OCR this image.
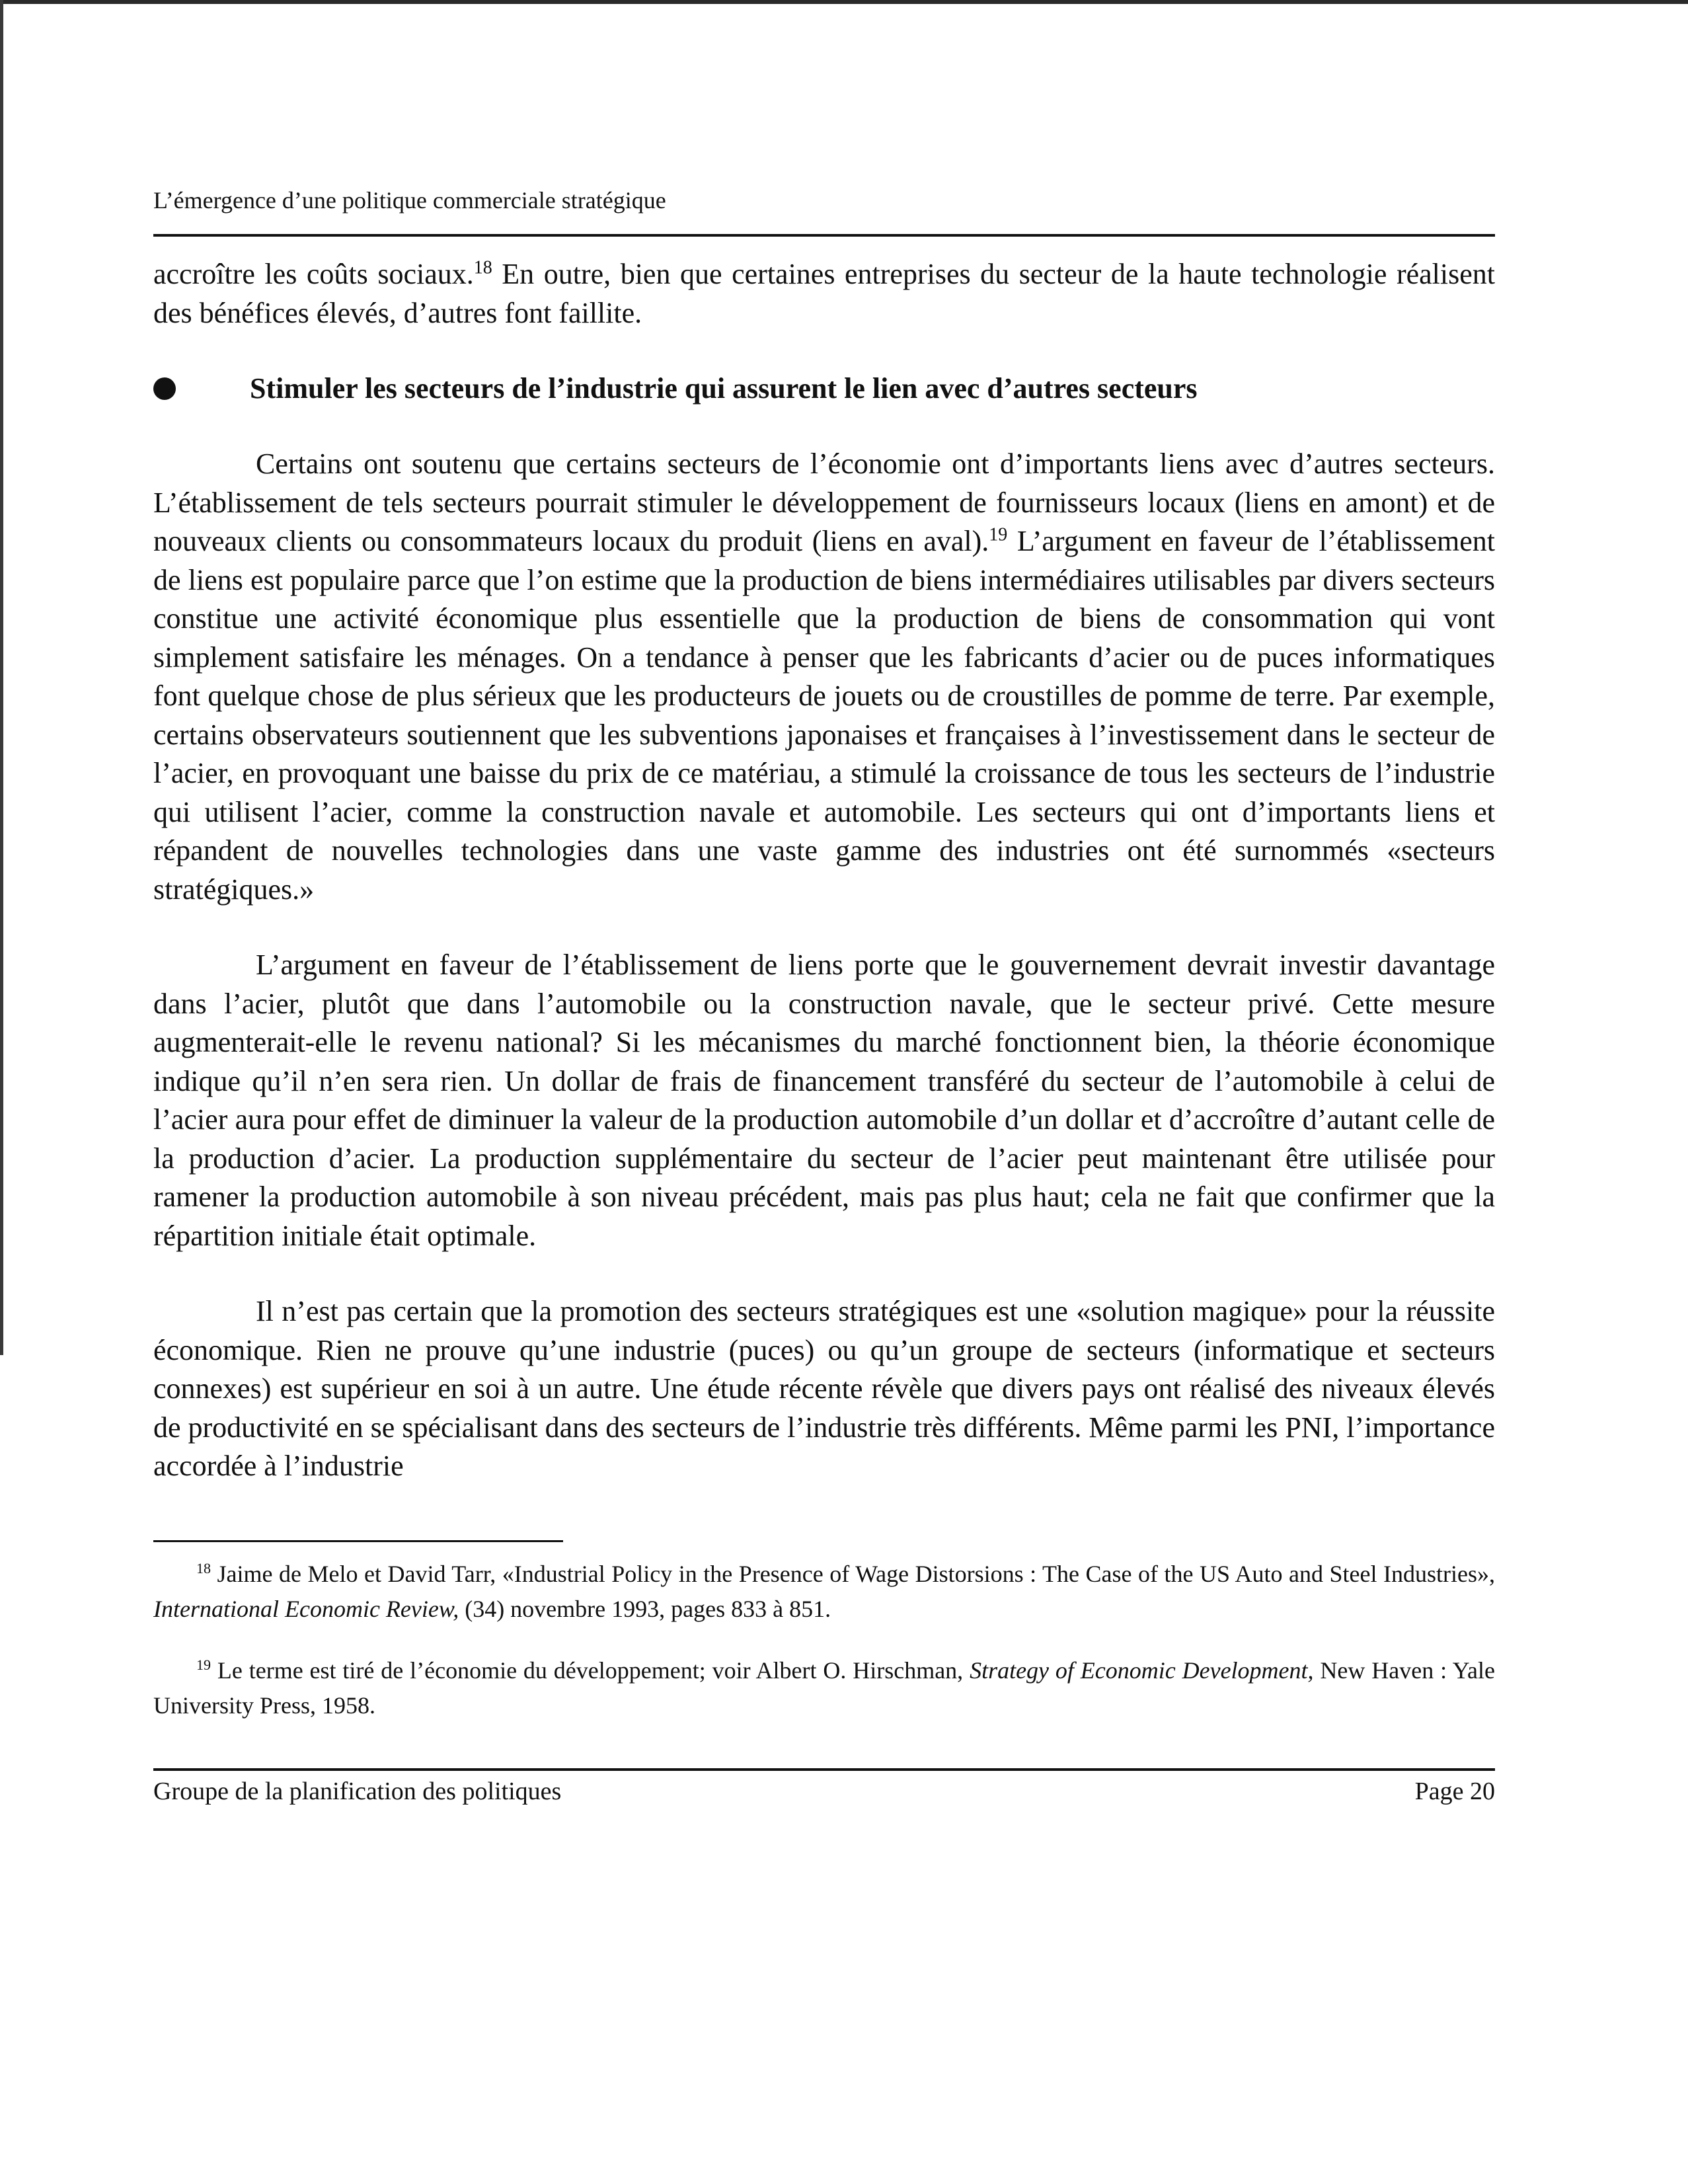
L’émergence d’une politique commerciale stratégique

accroître les coûts sociaux.$^{18}$ En outre, bien que certaines entreprises du secteur de la haute technologie réalisent des bénéfices élevés, d’autres font faillite.

Stimuler les secteurs de l’industrie qui assurent le lien avec d’autres secteurs

Certains ont soutenu que certains secteurs de l’économie ont d’importants liens avec d’autres secteurs. L’établissement de tels secteurs pourrait stimuler le développement de fournisseurs locaux (liens en amont) et de nouveaux clients ou consommateurs locaux du produit (liens en aval).$^{19}$ L’argument en faveur de l’établissement de liens est populaire parce que l’on estime que la production de biens intermédiaires utilisables par divers secteurs constitue une activité économique plus essentielle que la production de biens de consommation qui vont simplement satisfaire les ménages. On a tendance à penser que les fabricants d’acier ou de puces informatiques font quelque chose de plus sérieux que les producteurs de jouets ou de croustilles de pomme de terre. Par exemple, certains observateurs soutiennent que les subventions japonaises et françaises à l’investissement dans le secteur de l’acier, en provoquant une baisse du prix de ce matériau, a stimulé la croissance de tous les secteurs de l’industrie qui utilisent l’acier, comme la construction navale et automobile. Les secteurs qui ont d’importants liens et répandent de nouvelles technologies dans une vaste gamme des industries ont été surnommés «secteurs stratégiques.»

L’argument en faveur de l’établissement de liens porte que le gouvernement devrait investir davantage dans l’acier, plutôt que dans l’automobile ou la construction navale, que le secteur privé. Cette mesure augmenterait-elle le revenu national? Si les mécanismes du marché fonctionnent bien, la théorie économique indique qu’il n’en sera rien. Un dollar de frais de financement transféré du secteur de l’automobile à celui de l’acier aura pour effet de diminuer la valeur de la production automobile d’un dollar et d’accroître d’autant celle de la production d’acier. La production supplémentaire du secteur de l’acier peut maintenant être utilisée pour ramener la production automobile à son niveau précédent, mais pas plus haut; cela ne fait que confirmer que la répartition initiale était optimale.

Il n’est pas certain que la promotion des secteurs stratégiques est une «solution magique» pour la réussite économique. Rien ne prouve qu’une industrie (puces) ou qu’un groupe de secteurs (informatique et secteurs connexes) est supérieur en soi à un autre. Une étude récente révèle que divers pays ont réalisé des niveaux élevés de productivité en se spécialisant dans des secteurs de l’industrie très différents. Même parmi les PNI, l’importance accordée à l’industrie

$^{18}$ Jaime de Melo et David Tarr, «Industrial Policy in the Presence of Wage Distorsions : The Case of the US Auto and Steel Industries», International Economic Review, (34) novembre 1993, pages 833 à 851.

$^{19}$ Le terme est tiré de l’économie du développement; voir Albert O. Hirschman, Strategy of Economic Development, New Haven : Yale University Press, 1958.

Groupe de la planification des politiques	Page 20
